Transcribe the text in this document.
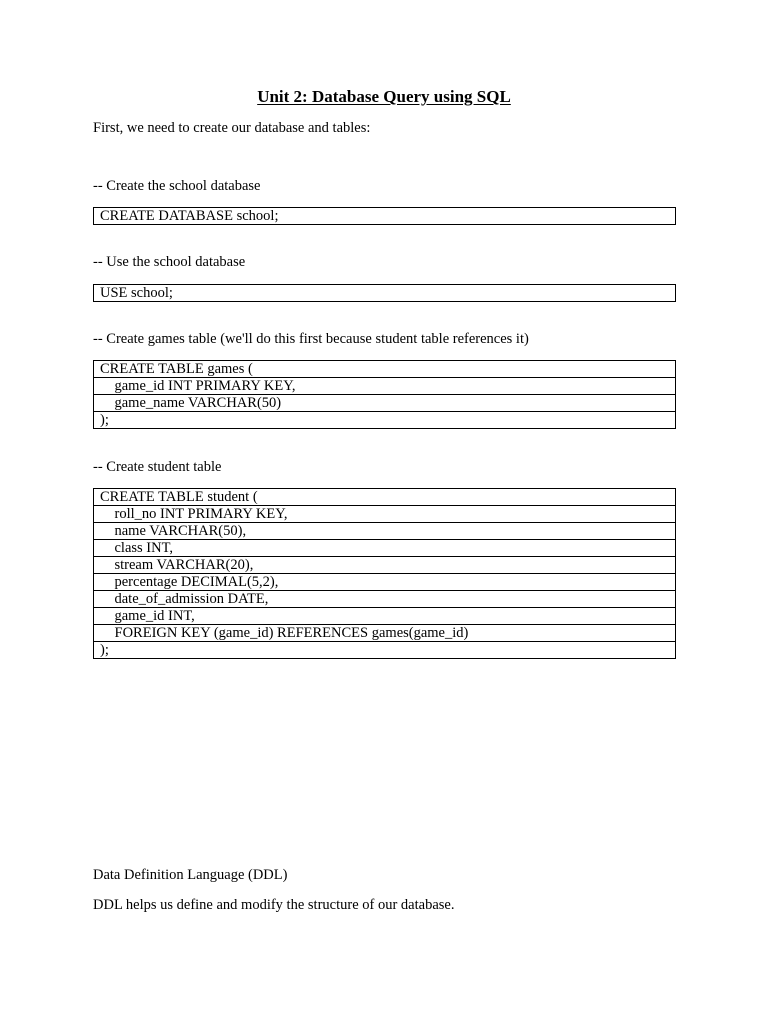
Unit 2: Database Query using SQL
First, we need to create our database and tables:
-- Create the school database
CREATE DATABASE school;
-- Use the school database
USE school;
-- Create games table (we'll do this first because student table references it)
CREATE TABLE games (
game_id INT PRIMARY KEY,
game_name VARCHAR(50)
);
-- Create student table
CREATE TABLE student (
roll_no INT PRIMARY KEY,
name VARCHAR(50),
class INT,
stream VARCHAR(20),
percentage DECIMAL(5,2),
date_of_admission DATE,
game_id INT,
FOREIGN KEY (game_id) REFERENCES games(game_id)
);
Data Definition Language (DDL)
DDL helps us define and modify the structure of our database.
